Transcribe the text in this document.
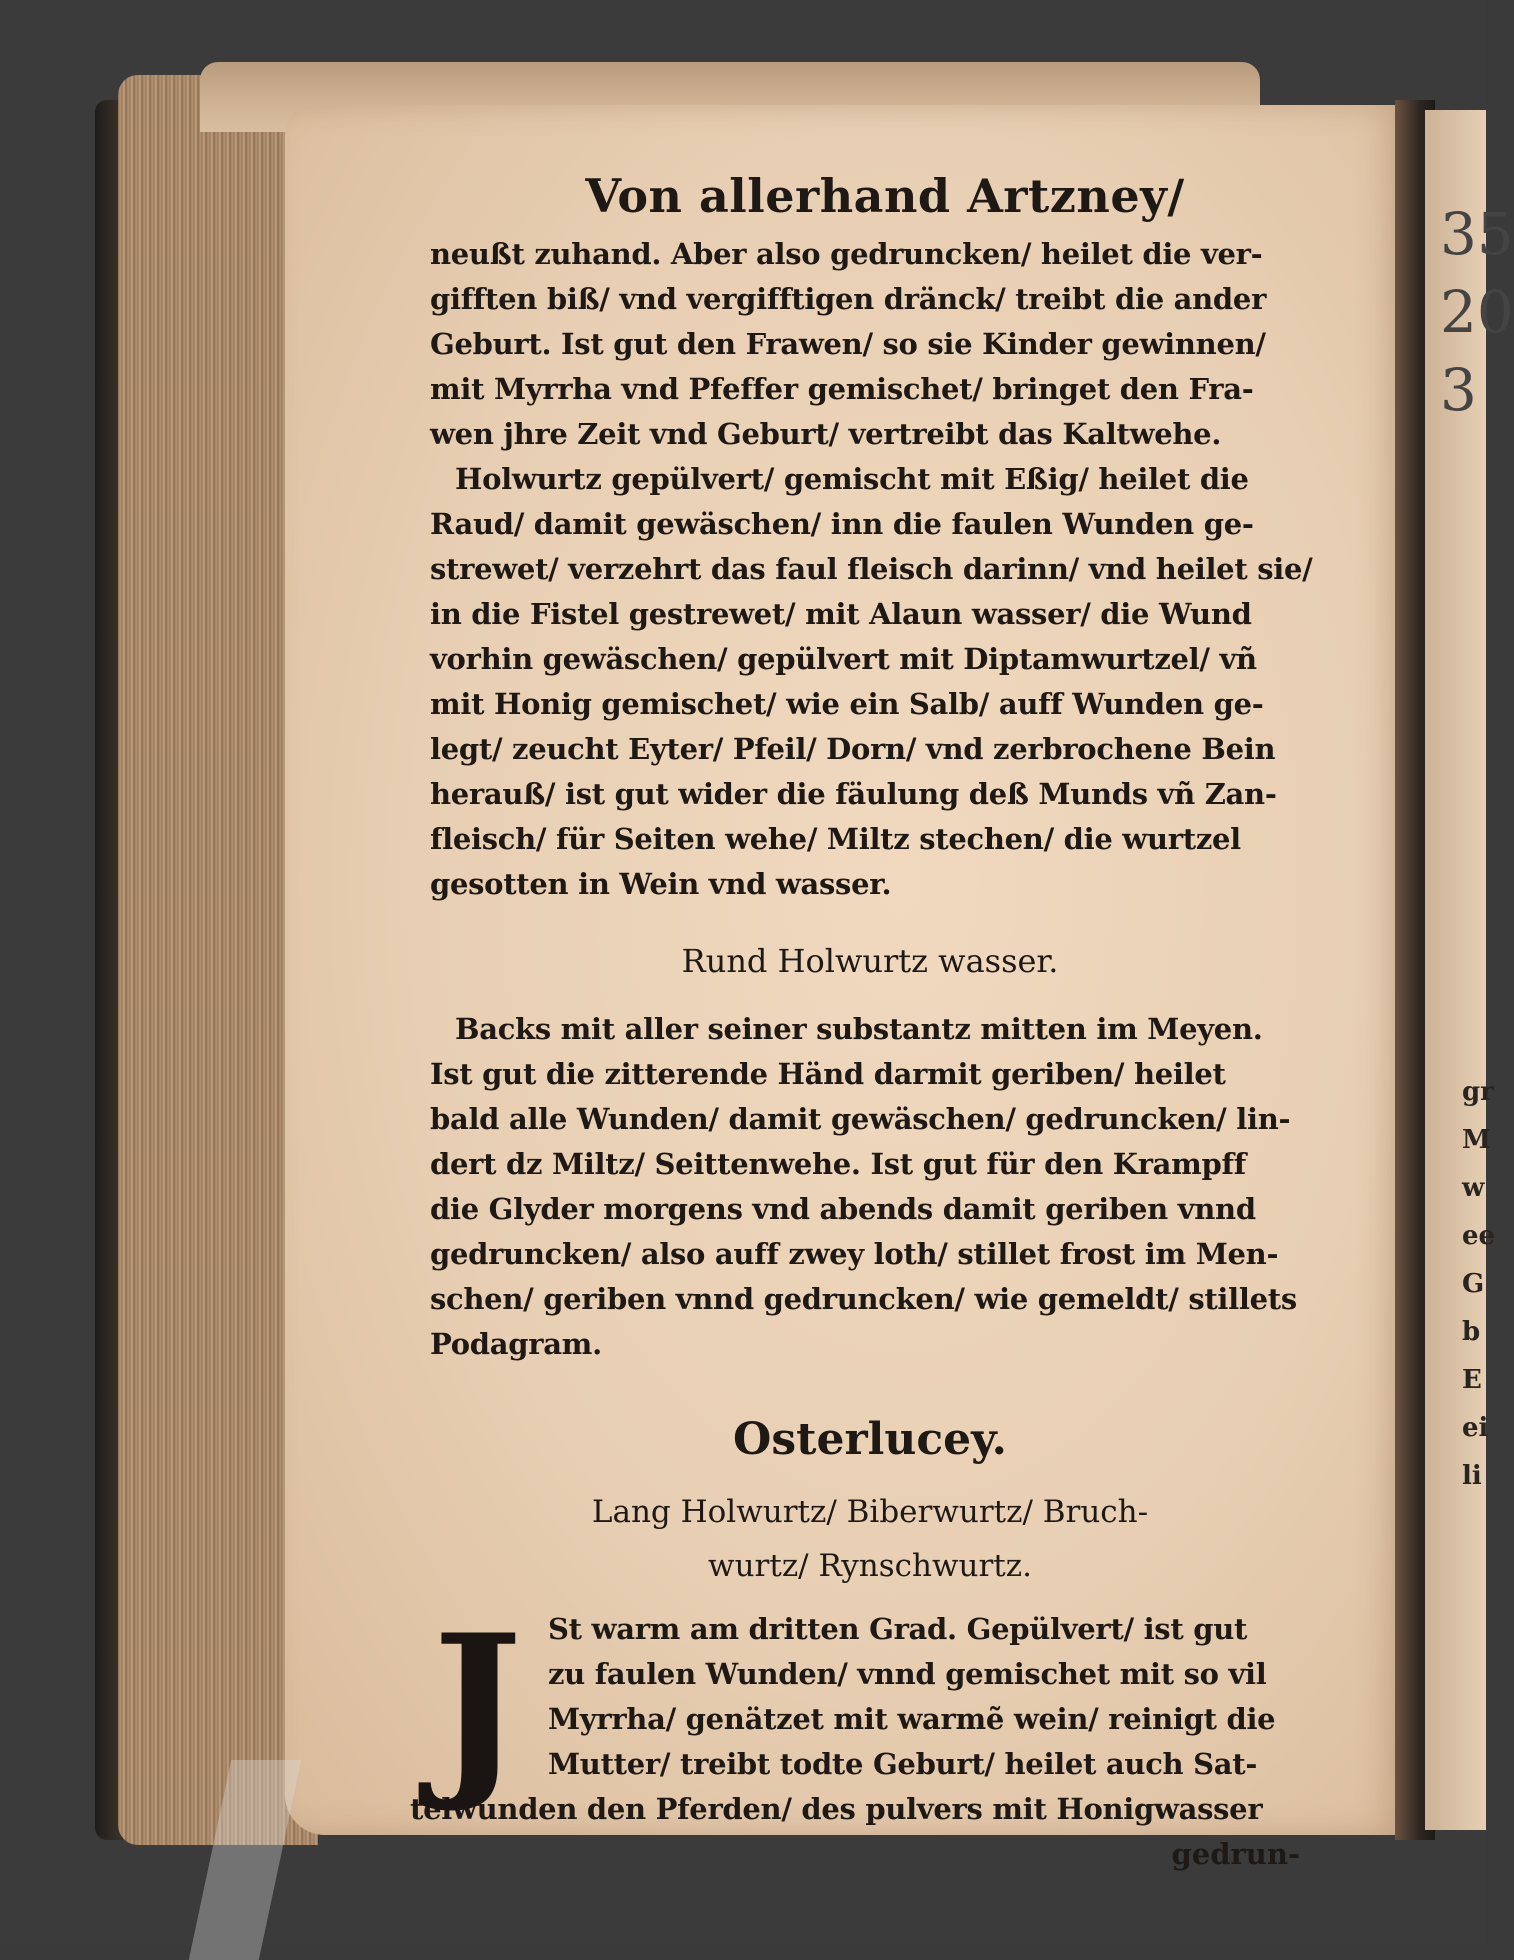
35
20
3
gr
M
w
ee
G
b
E
ei
li
Von allerhand Artzney/
neußt zuhand. Aber also gedruncken/ heilet die ver-
gifften biß/ vnd vergifftigen dränck/ treibt die ander
Geburt. Ist gut den Frawen/ so sie Kinder gewinnen/
mit Myrrha vnd Pfeffer gemischet/ bringet den Fra-
wen jhre Zeit vnd Geburt/ vertreibt das Kaltwehe.
Holwurtz gepülvert/ gemischt mit Eßig/ heilet die
Raud/ damit gewäschen/ inn die faulen Wunden ge-
strewet/ verzehrt das faul fleisch darinn/ vnd heilet sie/
in die Fistel gestrewet/ mit Alaun wasser/ die Wund
vorhin gewäschen/ gepülvert mit Diptamwurtzel/ vñ
mit Honig gemischet/ wie ein Salb/ auff Wunden ge-
legt/ zeucht Eyter/ Pfeil/ Dorn/ vnd zerbrochene Bein
herauß/ ist gut wider die fäulung deß Munds vñ Zan-
fleisch/ für Seiten wehe/ Miltz stechen/ die wurtzel
gesotten in Wein vnd wasser.
Rund Holwurtz wasser.
Backs mit aller seiner substantz mitten im Meyen.
Ist gut die zitterende Händ darmit geriben/ heilet
bald alle Wunden/ damit gewäschen/ gedruncken/ lin-
dert dz Miltz/ Seittenwehe. Ist gut für den Krampff
die Glyder morgens vnd abends damit geriben vnnd
gedruncken/ also auff zwey loth/ stillet frost im Men-
schen/ geriben vnnd gedruncken/ wie gemeldt/ stillets
Podagram.
Osterlucey.
Lang Holwurtz/ Biberwurtz/ Bruch-
wurtz/ Rynschwurtz.
J St warm am dritten Grad. Gepülvert/ ist gut
zu faulen Wunden/ vnnd gemischet mit so vil
Myrrha/ genätzet mit warmẽ wein/ reinigt die
Mutter/ treibt todte Geburt/ heilet auch Sat-
telwunden den Pferden/ des pulvers mit Honigwasser
gedrun-
